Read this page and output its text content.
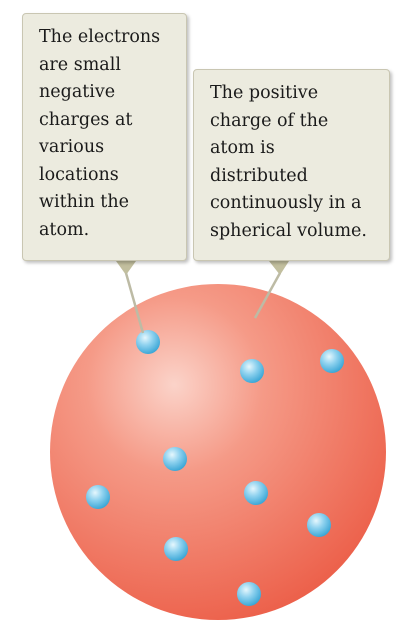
The electrons
are small
negative
charges at
various
locations
within the
atom.
The positive
charge of the
atom is
distributed
continuously in a
spherical volume.
